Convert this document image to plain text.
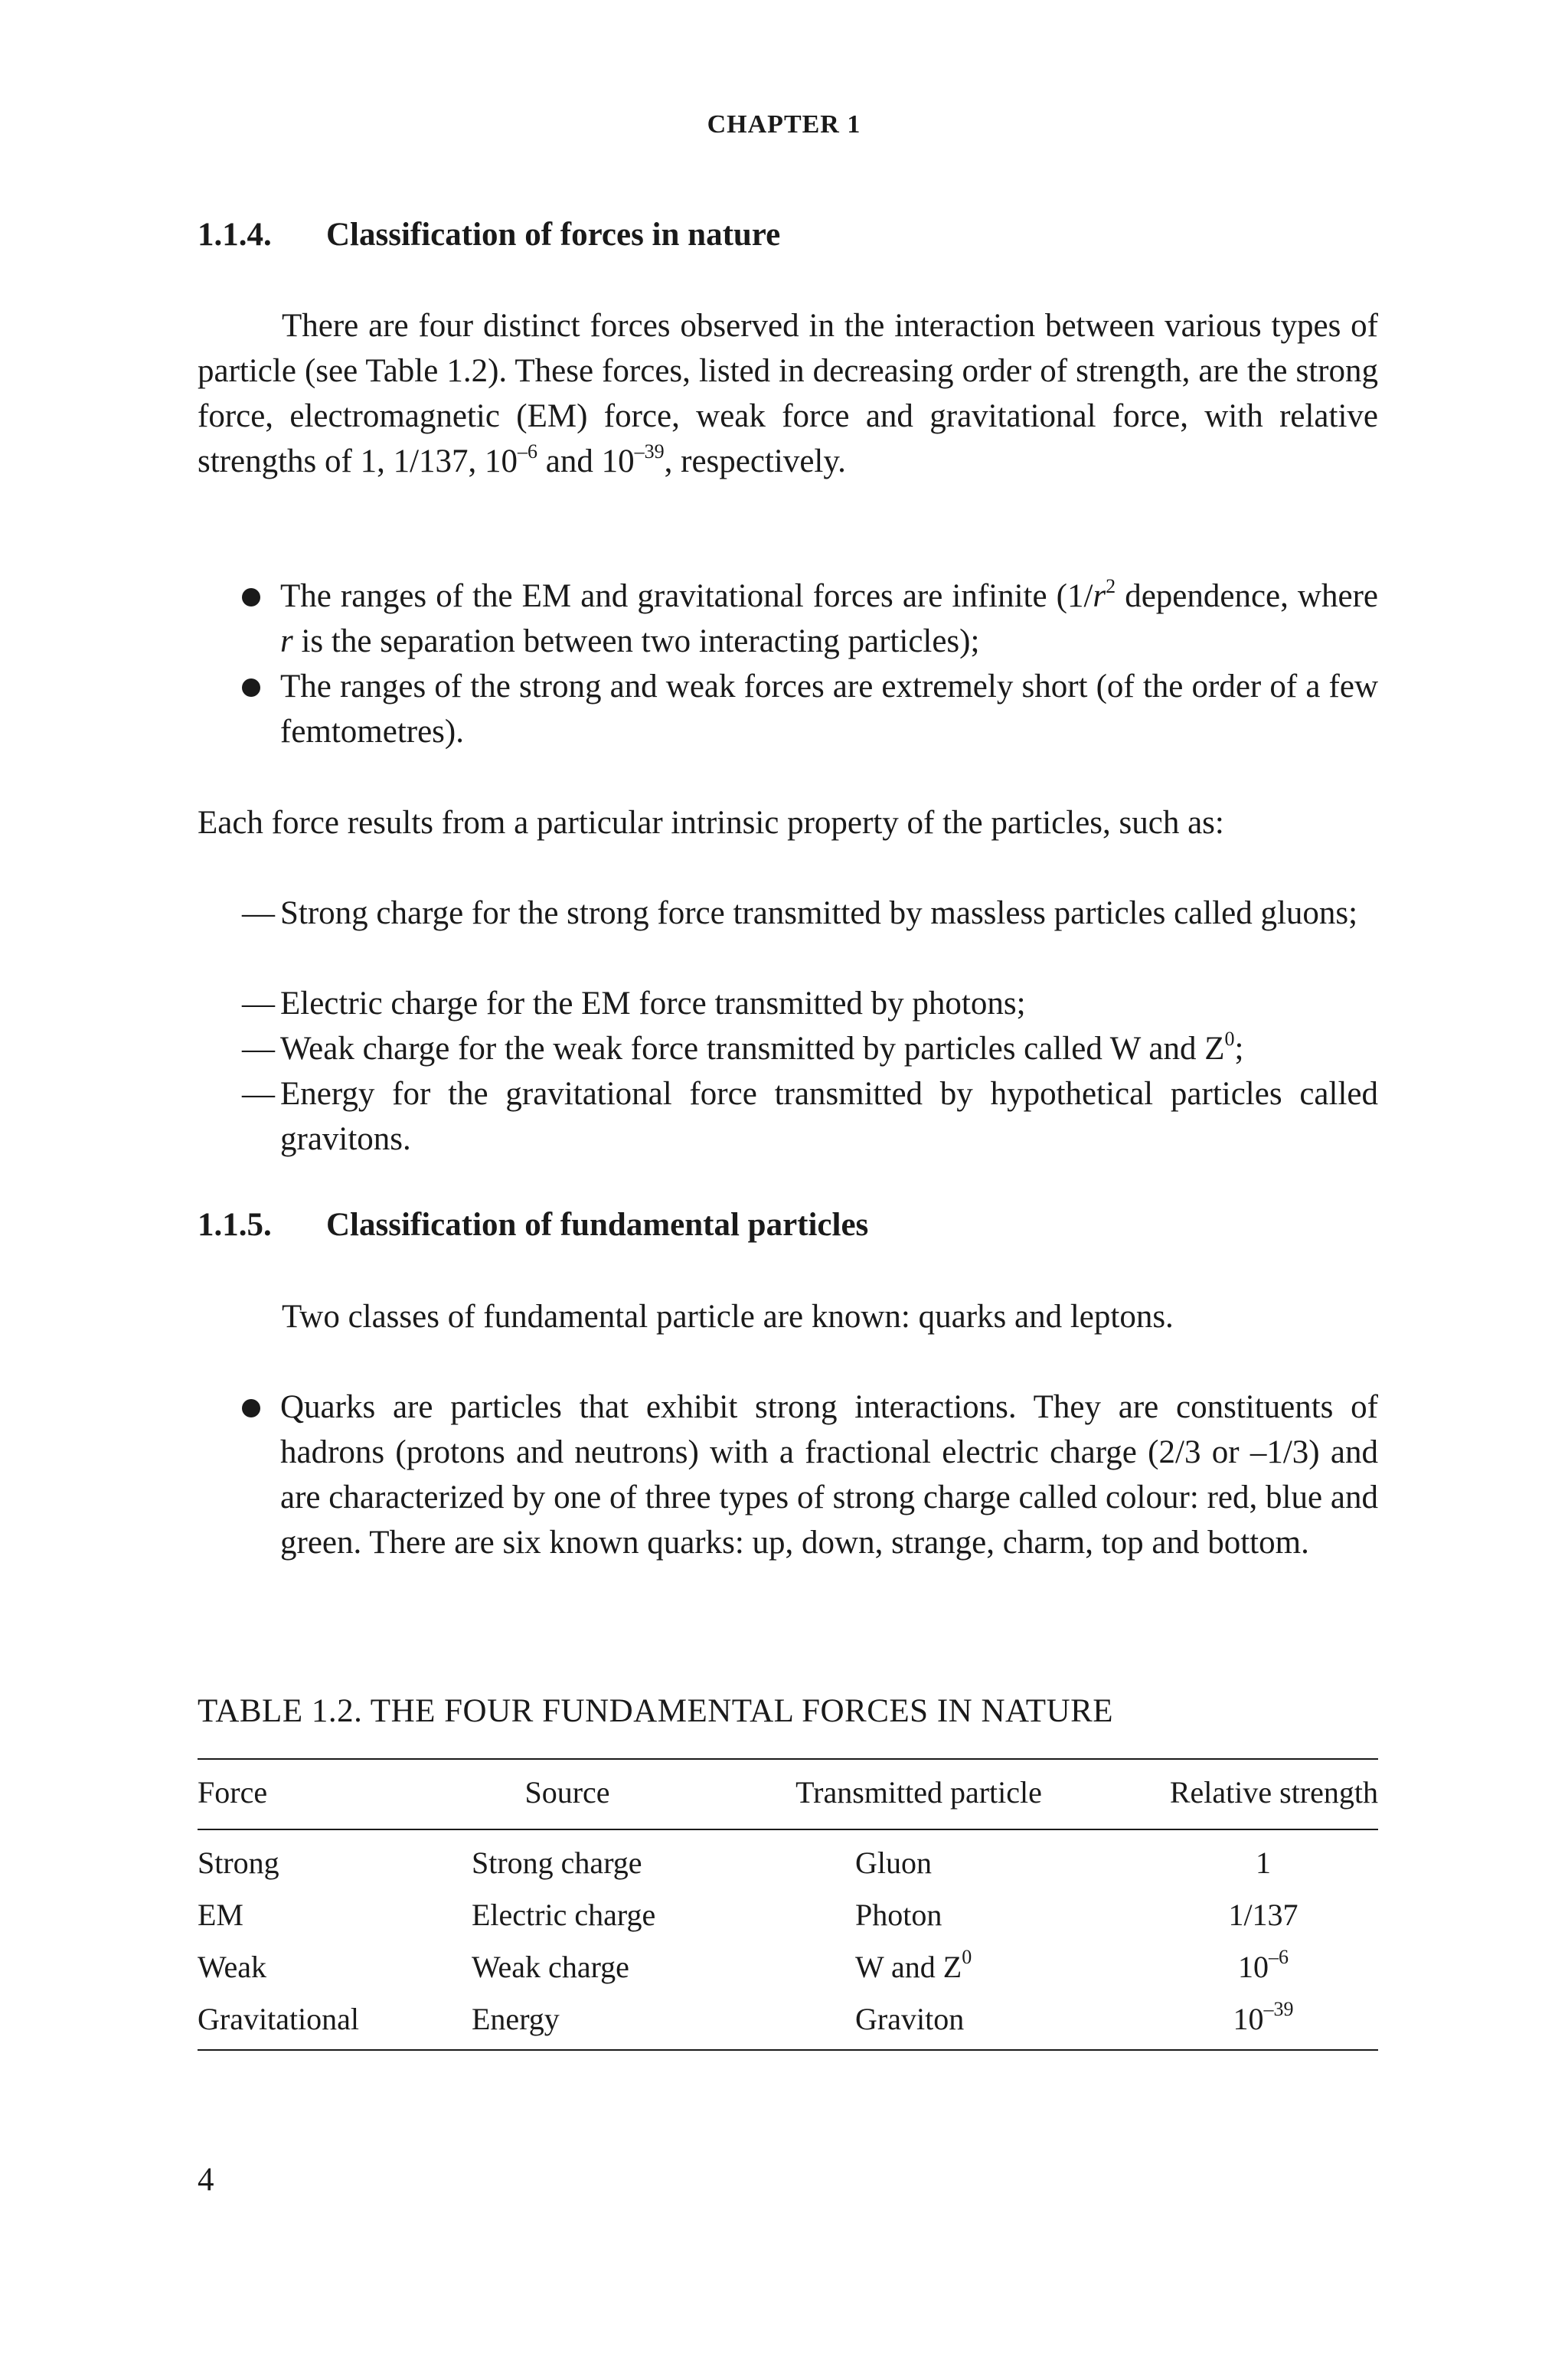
CHAPTER 1
1.1.4. Classification of forces in nature
There are four distinct forces observed in the interaction between various types of particle (see Table 1.2). These forces, listed in decreasing order of strength, are the strong force, electromagnetic (EM) force, weak force and gravitational force, with relative strengths of 1, 1/137, $10^{-6}$ and $10^{-39}$, respectively.
The ranges of the EM and gravitational forces are infinite ($1/r^2$ dependence, where r is the separation between two interacting particles);
The ranges of the strong and weak forces are extremely short (of the order of a few femtometres).
Each force results from a particular intrinsic property of the particles, such as:
— Strong charge for the strong force transmitted by massless particles called gluons;
— Electric charge for the EM force transmitted by photons;
— Weak charge for the weak force transmitted by particles called W and $Z^0$;
— Energy for the gravitational force transmitted by hypothetical particles called gravitons.
1.1.5. Classification of fundamental particles
Two classes of fundamental particle are known: quarks and leptons.
Quarks are particles that exhibit strong interactions. They are constituents of hadrons (protons and neutrons) with a fractional electric charge (2/3 or –1/3) and are characterized by one of three types of strong charge called colour: red, blue and green. There are six known quarks: up, down, strange, charm, top and bottom.
TABLE 1.2. THE FOUR FUNDAMENTAL FORCES IN NATURE
Force	Source	Transmitted particle	Relative strength
Strong	Strong charge	Gluon	1
EM	Electric charge	Photon	1/137
Weak	Weak charge	W and $Z^0$	$10^{-6}$
Gravitational	Energy	Graviton	$10^{-39}$
4
